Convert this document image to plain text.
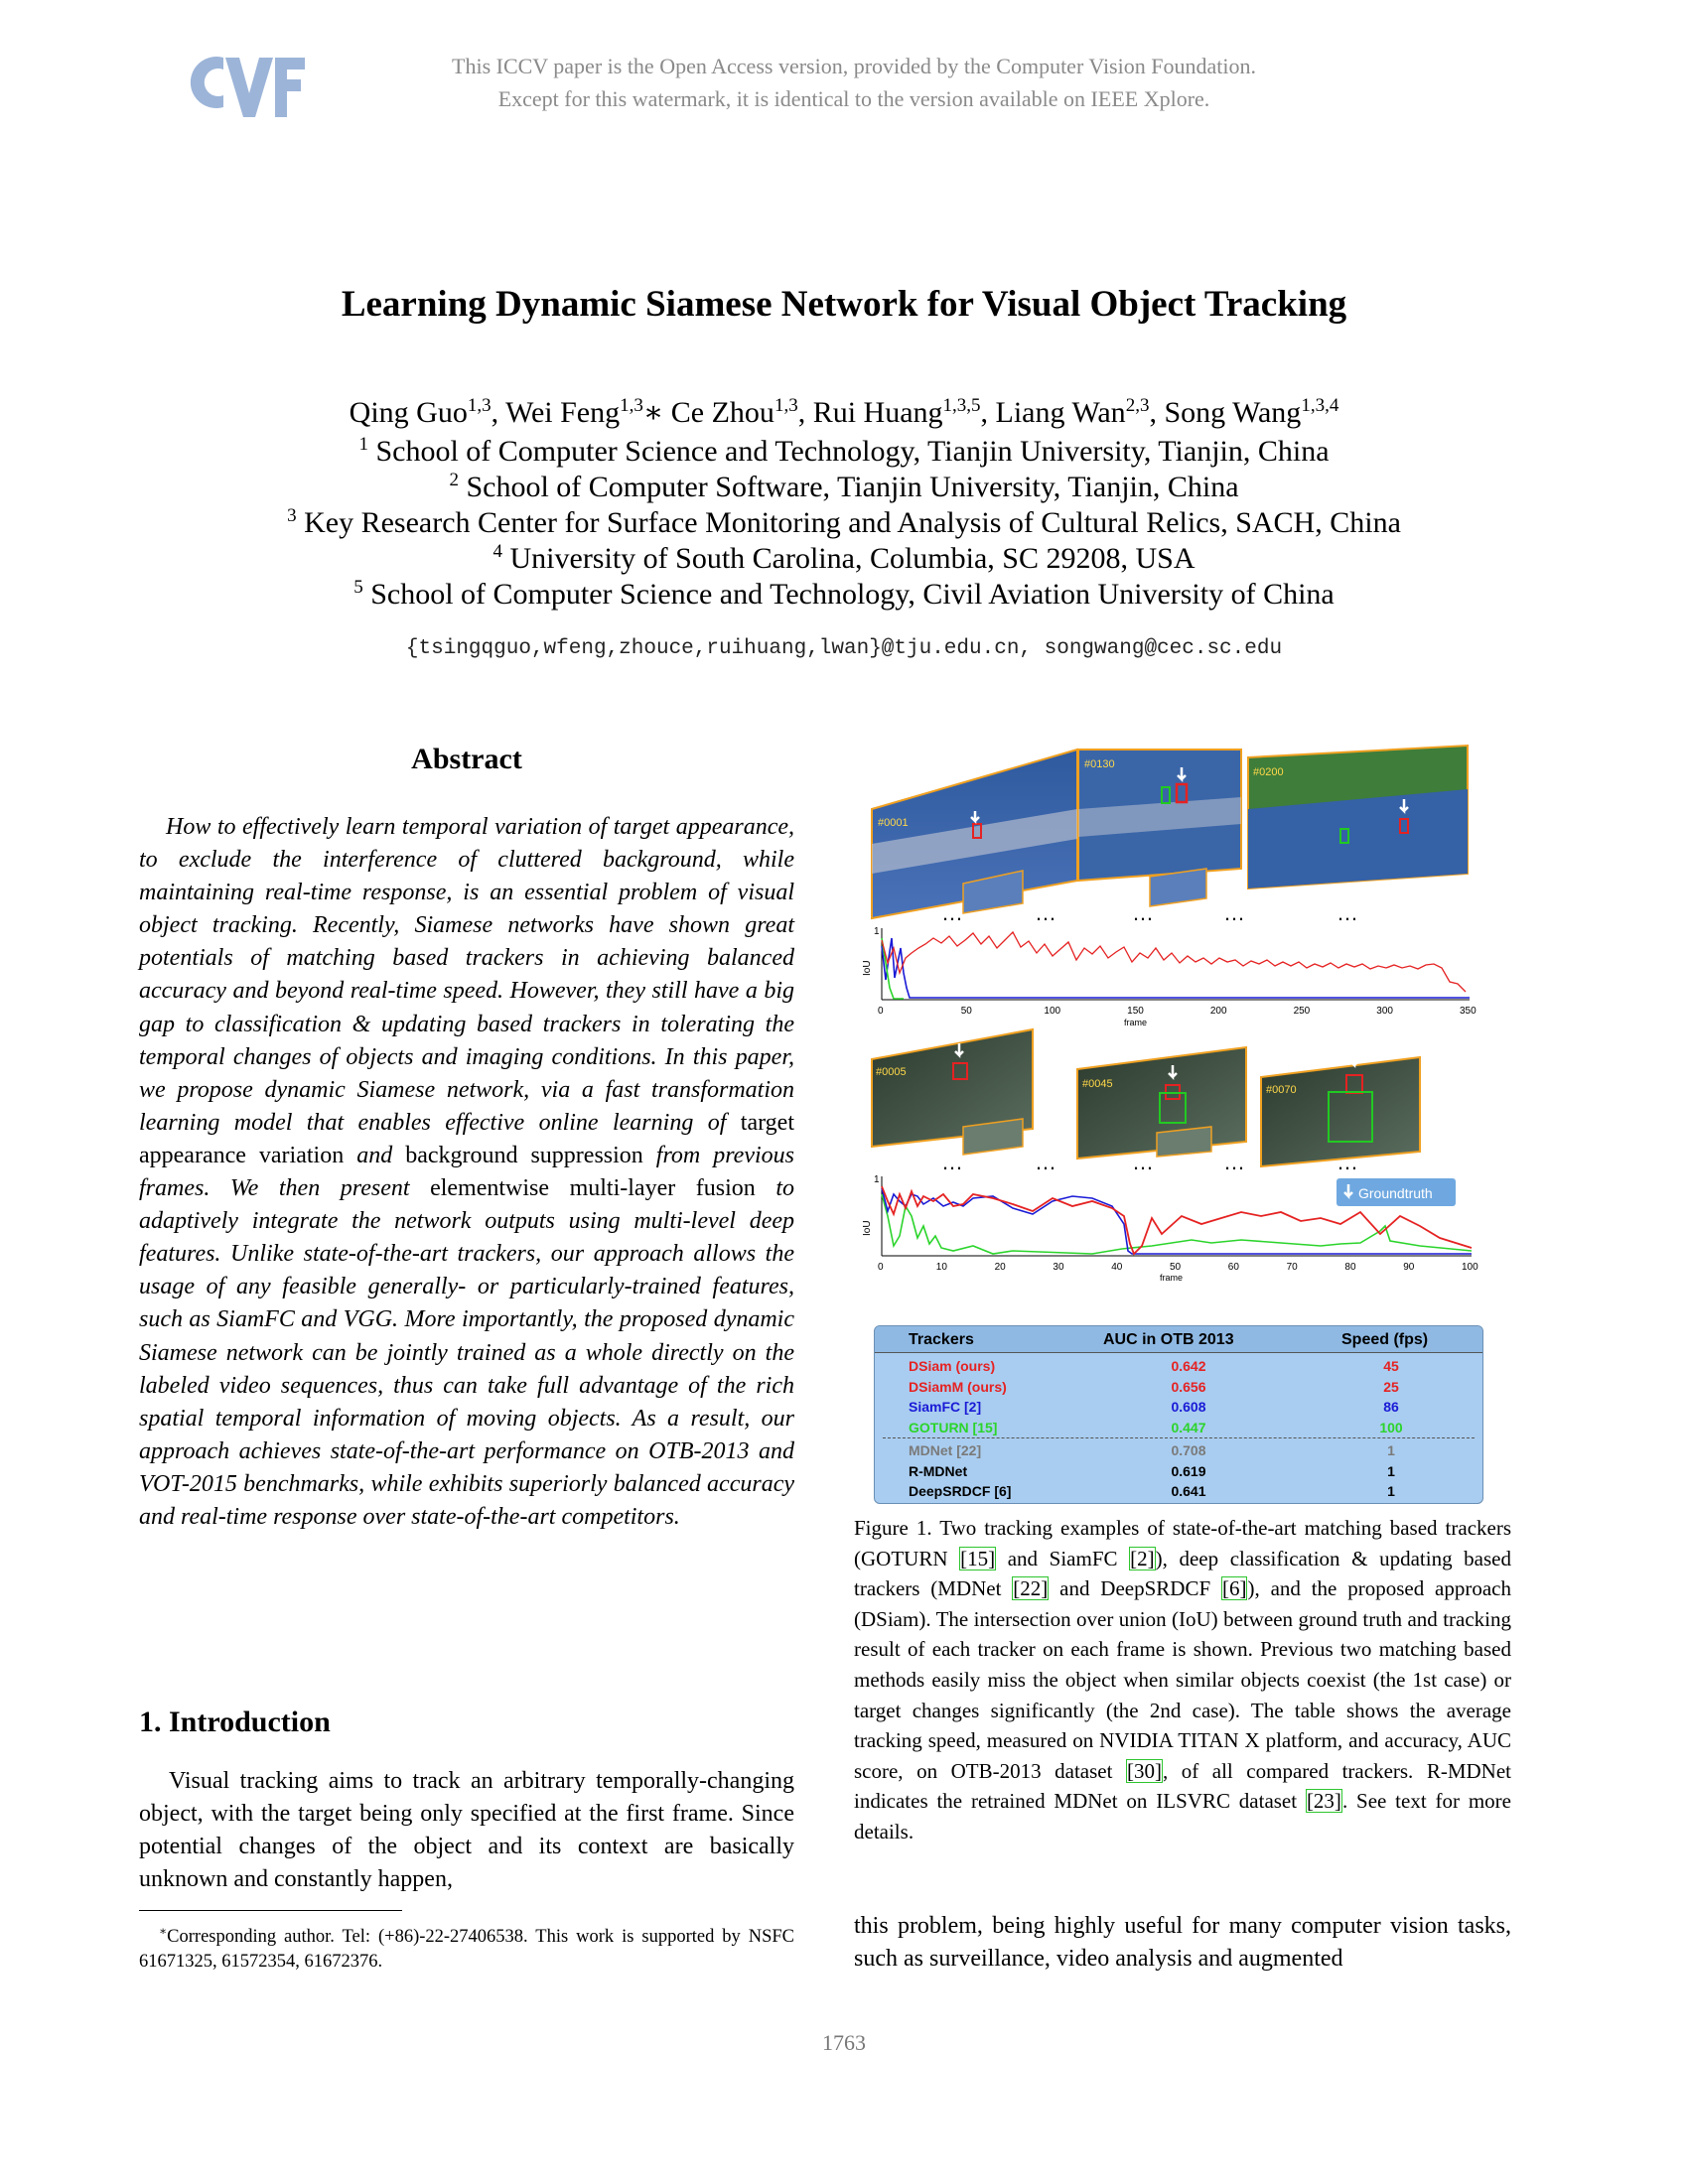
This ICCV paper is the Open Access version, provided by the Computer Vision Foundation.
Except for this watermark, it is identical to the version available on IEEE Xplore.
Learning Dynamic Siamese Network for Visual Object Tracking
Qing Guo$^{1,3}$, Wei Feng$^{1,3}$∗ Ce Zhou$^{1,3}$, Rui Huang$^{1,3,5}$, Liang Wan$^{2,3}$, Song Wang$^{1,3,4}$
$^1$ School of Computer Science and Technology, Tianjin University, Tianjin, China
$^2$ School of Computer Software, Tianjin University, Tianjin, China
$^3$ Key Research Center for Surface Monitoring and Analysis of Cultural Relics, SACH, China
$^4$ University of South Carolina, Columbia, SC 29208, USA
$^5$ School of Computer Science and Technology, Civil Aviation University of China
{tsingqguo,wfeng,zhouce,ruihuang,lwan}@tju.edu.cn, songwang@cec.sc.edu
Abstract
How to effectively learn temporal variation of target appearance, to exclude the interference of cluttered background, while maintaining real-time response, is an essential problem of visual object tracking. Recently, Siamese networks have shown great potentials of matching based trackers in achieving balanced accuracy and beyond real-time speed. However, they still have a big gap to classification & updating based trackers in tolerating the temporal changes of objects and imaging conditions. In this paper, we propose dynamic Siamese network, via a fast transformation learning model that enables effective online learning of target appearance variation and background suppression from previous frames. We then present elementwise multi-layer fusion to adaptively integrate the network outputs using multi-level deep features. Unlike state-of-the-art trackers, our approach allows the usage of any feasible generally- or particularly-trained features, such as SiamFC and VGG. More importantly, the proposed dynamic Siamese network can be jointly trained as a whole directly on the labeled video sequences, thus can take full advantage of the rich spatial temporal information of moving objects. As a result, our approach achieves state-of-the-art performance on OTB-2013 and VOT-2015 benchmarks, while exhibits superiorly balanced accuracy and real-time response over state-of-the-art competitors.
1. Introduction
Visual tracking aims to track an arbitrary temporally-changing object, with the target being only specified at the first frame. Since potential changes of the object and its context are basically unknown and constantly happen,
∗Corresponding author. Tel: (+86)-22-27406538. This work is supported by NSFC 61671325, 61572354, 61672376.
#0001
#0130
#0200
…	…	…	…	…
1
IoU
0	50	100	150	200	250	300	350
frame
#0005
#0045	#0070
…	…	…	…	…
Groundtruth
1
IoU
0	10	20	30	40	50	60	70	80	90	100
frame
Trackers	AUC in OTB 2013	Speed (fps)
DSiam (ours)	0.642	45
DSiamM (ours)	0.656	25
SiamFC [2]	0.608	86
GOTURN [15]	0.447	100
MDNet [22]	0.708	1
R-MDNet	0.619	1
DeepSRDCF [6]	0.641	1
Figure 1. Two tracking examples of state-of-the-art matching based trackers (GOTURN [15] and SiamFC [2]), deep classification & updating based trackers (MDNet [22] and DeepSRDCF [6]), and the proposed approach (DSiam). The intersection over union (IoU) between ground truth and tracking result of each tracker on each frame is shown. Previous two matching based methods easily miss the object when similar objects coexist (the 1st case) or target changes significantly (the 2nd case). The table shows the average tracking speed, measured on NVIDIA TITAN X platform, and accuracy, AUC score, on OTB-2013 dataset [30], of all compared trackers. R-MDNet indicates the retrained MDNet on ILSVRC dataset [23]. See text for more details.
this problem, being highly useful for many computer vision tasks, such as surveillance, video analysis and augmented
1763
